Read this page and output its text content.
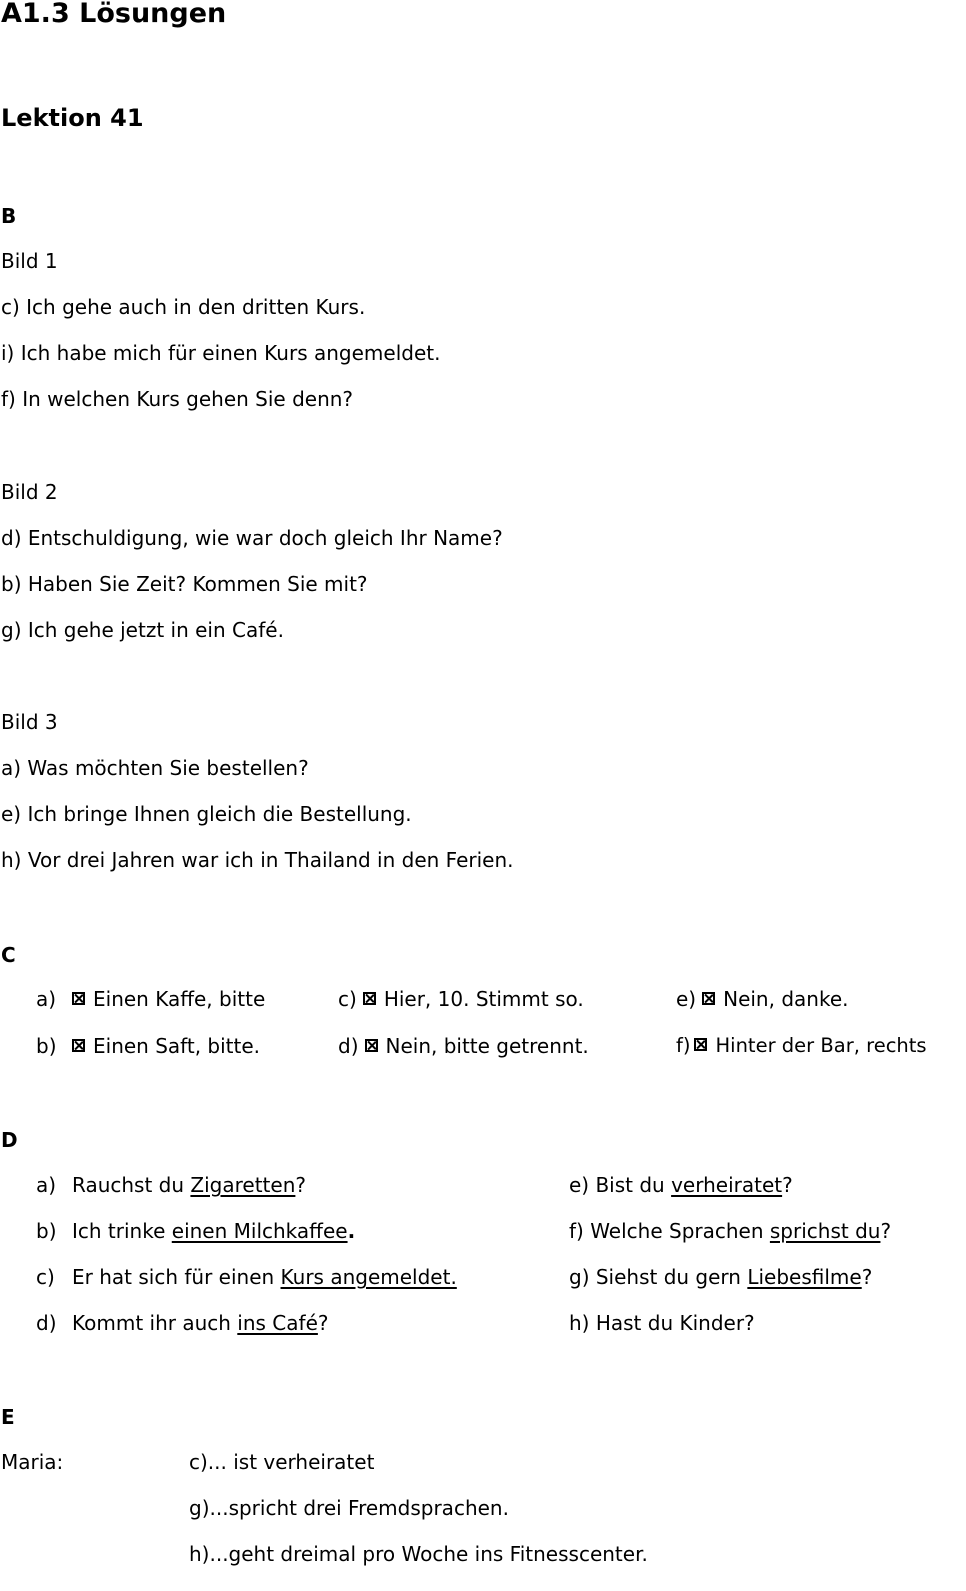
A1.3 Lösungen
Lektion 41
B
Bild 1
c) Ich gehe auch in den dritten Kurs.
i) Ich habe mich für einen Kurs angemeldet.
f) In welchen Kurs gehen Sie denn?
Bild 2
d) Entschuldigung, wie war doch gleich Ihr Name?
b) Haben Sie Zeit? Kommen Sie mit?
g) Ich gehe jetzt in ein Café.
Bild 3
a) Was möchten Sie bestellen?
e) Ich bringe Ihnen gleich die Bestellung.
h) Vor drei Jahren war ich in Thailand in den Ferien.
C
a) Einen Kaffe, bitte
b) Einen Saft, bitte.
c) Hier, 10. Stimmt so.
d) Nein, bitte getrennt.
e) Nein, danke.
f) Hinter der Bar, rechts
D
a) Rauchst du Zigaretten?
b) Ich trinke einen Milchkaffee.
c) Er hat sich für einen Kurs angemeldet.
d) Kommt ihr auch ins Café?
e) Bist du verheiratet?
f) Welche Sprachen sprichst du?
g) Siehst du gern Liebesfilme?
h) Hast du Kinder?
E
Maria:	c)... ist verheiratet
g)...spricht drei Fremdsprachen.
h)...geht dreimal pro Woche ins Fitnesscenter.
